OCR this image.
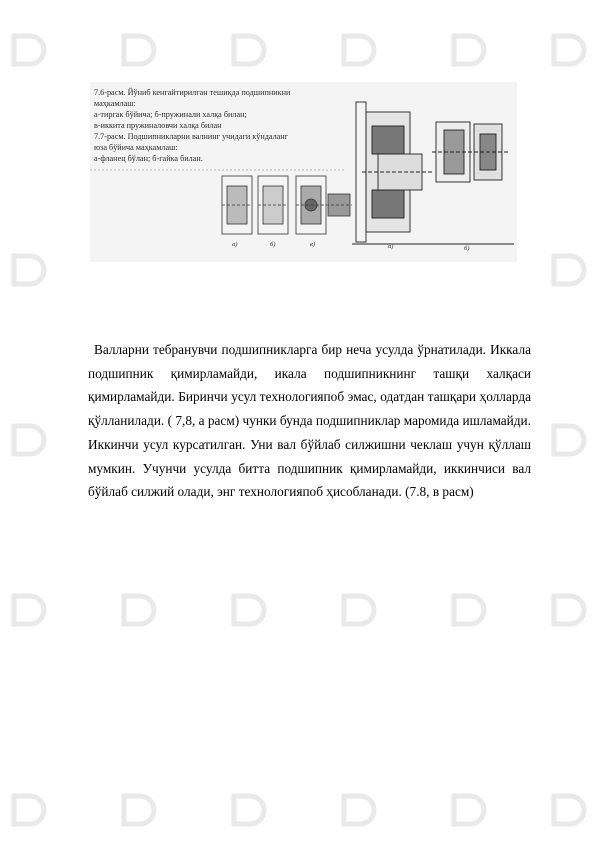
7.6-расм. Йўниб кенгайтирилган тешикда подшипникни
маҳкамлаш:
а-тиргак бўйича; б-пружинали халқа билан;
в-иккита пружиналовчи халқа билан
7.7-расм. Подшипникларни валнинг учидаги кўндаланг
юза бўйича маҳкамлаш:
а-фланец бўлан; б-гайка билан.
а)	б)	в)	а)	б)

Валларни тебранувчи подшипникларга бир неча усулда ўрнатилади. Иккала подшипник қимирламайди, икала подшипникнинг ташқи халқаси қимирламайди. Биринчи усул технологияпоб эмас, одатдан ташқари ҳолларда қўлланилади. ( 7,8, а расм) чунки бунда подшипниклар маромида ишламайди. Иккинчи усул курсатилган. Уни вал бўйлаб силжишни чеклаш учун қўллаш мумкин. Учунчи усулда битта подшипник қимирламайди, иккинчиси вал бўйлаб силжий олади, энг технологияпоб ҳисобланади. (7.8, в расм)
